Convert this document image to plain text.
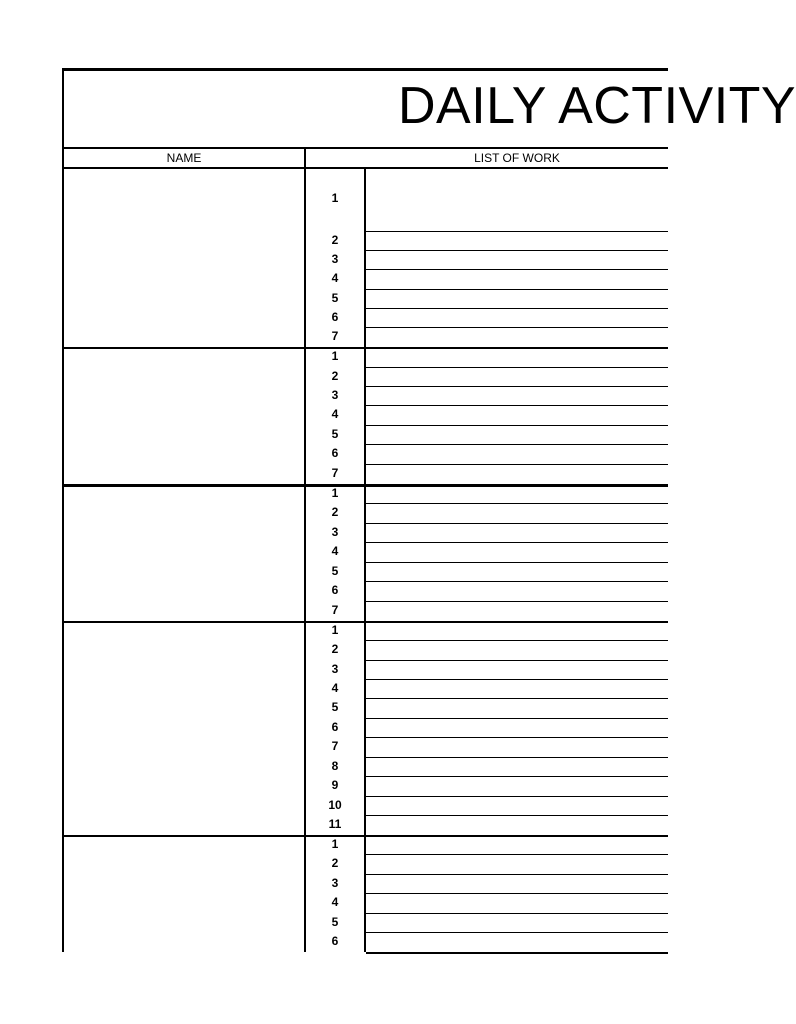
DAILY ACTIVITY
NAME	LIST OF WORK
1
2
3
4
5
6
7
1
2
3
4
5
6
7
1
2
3
4
5
6
7
1
2
3
4
5
6
7
8
9
10
11
1
2
3
4
5
6
